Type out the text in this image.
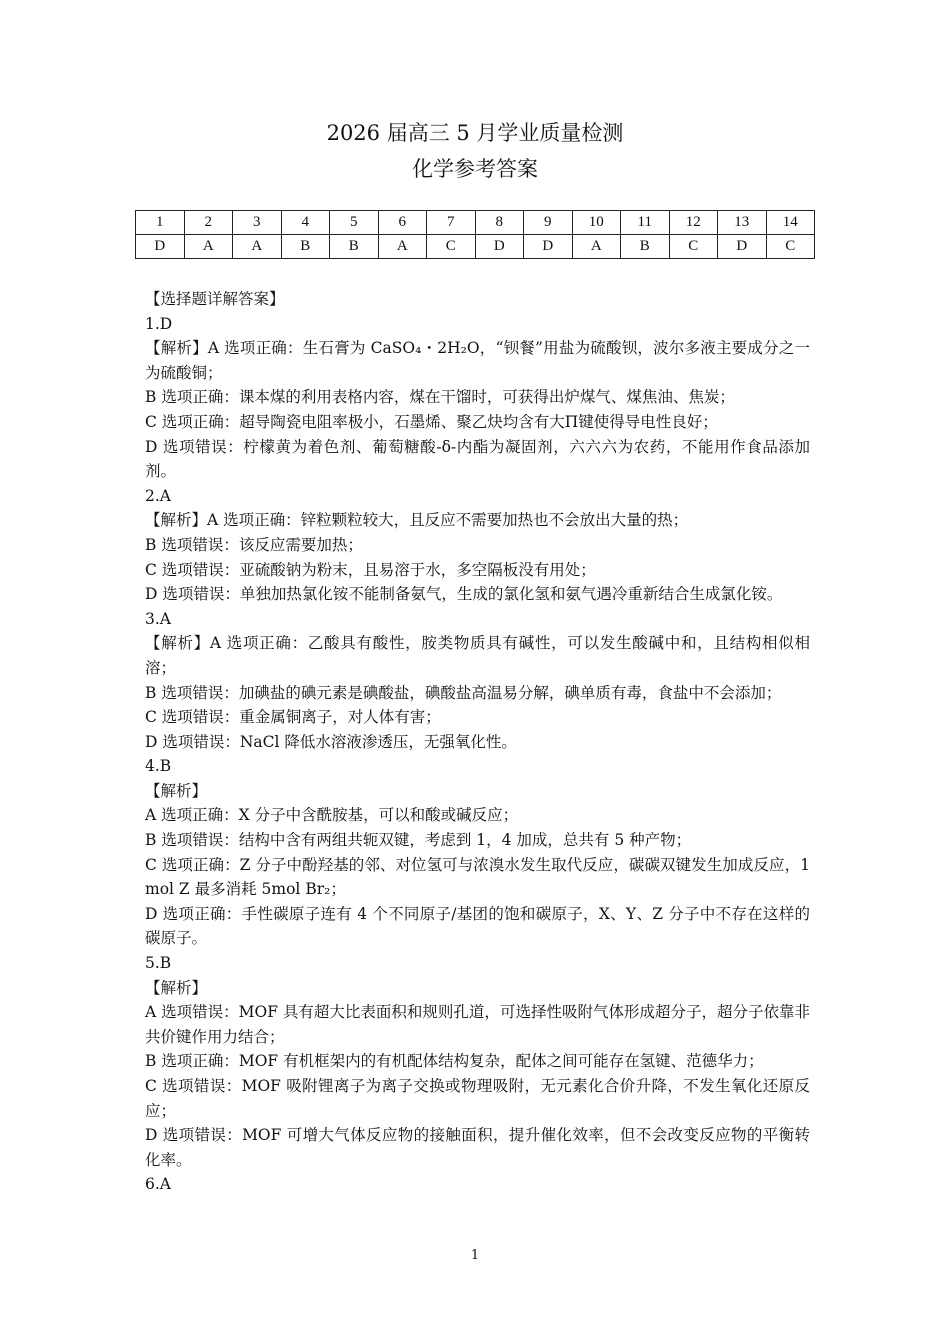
2026 届高三 5 月学业质量检测
化学参考答案
1	2	3	4	5	6	7	8	9	10	11	12	13	14
D	A	A	B	B	A	C	D	D	A	B	C	D	C

【选择题详解答案】

1.D

【解析】A 选项正确：生石膏为 CaSO₄・2H₂O，“钡餐”用盐为硫酸钡，波尔多液主要成分之一为硫酸铜；

B 选项正确：课本煤的利用表格内容，煤在干馏时，可获得出炉煤气、煤焦油、焦炭；

C 选项正确：超导陶瓷电阻率极小，石墨烯、聚乙炔均含有大Π键使得导电性良好；

D 选项错误：柠檬黄为着色剂、葡萄糖酸-δ-内酯为凝固剂，六六六为农药，不能用作食品添加剂。

2.A

【解析】A 选项正确：锌粒颗粒较大，且反应不需要加热也不会放出大量的热；

B 选项错误：该反应需要加热；

C 选项错误：亚硫酸钠为粉末，且易溶于水，多空隔板没有用处；

D 选项错误：单独加热氯化铵不能制备氨气，生成的氯化氢和氨气遇冷重新结合生成氯化铵。

3.A

【解析】A 选项正确：乙酸具有酸性，胺类物质具有碱性，可以发生酸碱中和，且结构相似相溶；

B 选项错误：加碘盐的碘元素是碘酸盐，碘酸盐高温易分解，碘单质有毒，食盐中不会添加；

C 选项错误：重金属铜离子，对人体有害；

D 选项错误：NaCl 降低水溶液渗透压，无强氧化性。

4.B

【解析】

A 选项正确：X 分子中含酰胺基，可以和酸或碱反应；

B 选项错误：结构中含有两组共轭双键，考虑到 1，4 加成，总共有 5 种产物；

C 选项正确：Z 分子中酚羟基的邻、对位氢可与浓溴水发生取代反应，碳碳双键发生加成反应，1 mol Z 最多消耗 5mol Br₂；

D 选项正确：手性碳原子连有 4 个不同原子/基团的饱和碳原子，X、Y、Z 分子中不存在这样的碳原子。

5.B

【解析】

A 选项错误：MOF 具有超大比表面积和规则孔道，可选择性吸附气体形成超分子，超分子依靠非共价键作用力结合；

B 选项正确：MOF 有机框架内的有机配体结构复杂，配体之间可能存在氢键、范德华力；

C 选项错误：MOF 吸附锂离子为离子交换或物理吸附，无元素化合价升降，不发生氧化还原反应；

D 选项错误：MOF 可增大气体反应物的接触面积，提升催化效率，但不会改变反应物的平衡转化率。

6.A

1
